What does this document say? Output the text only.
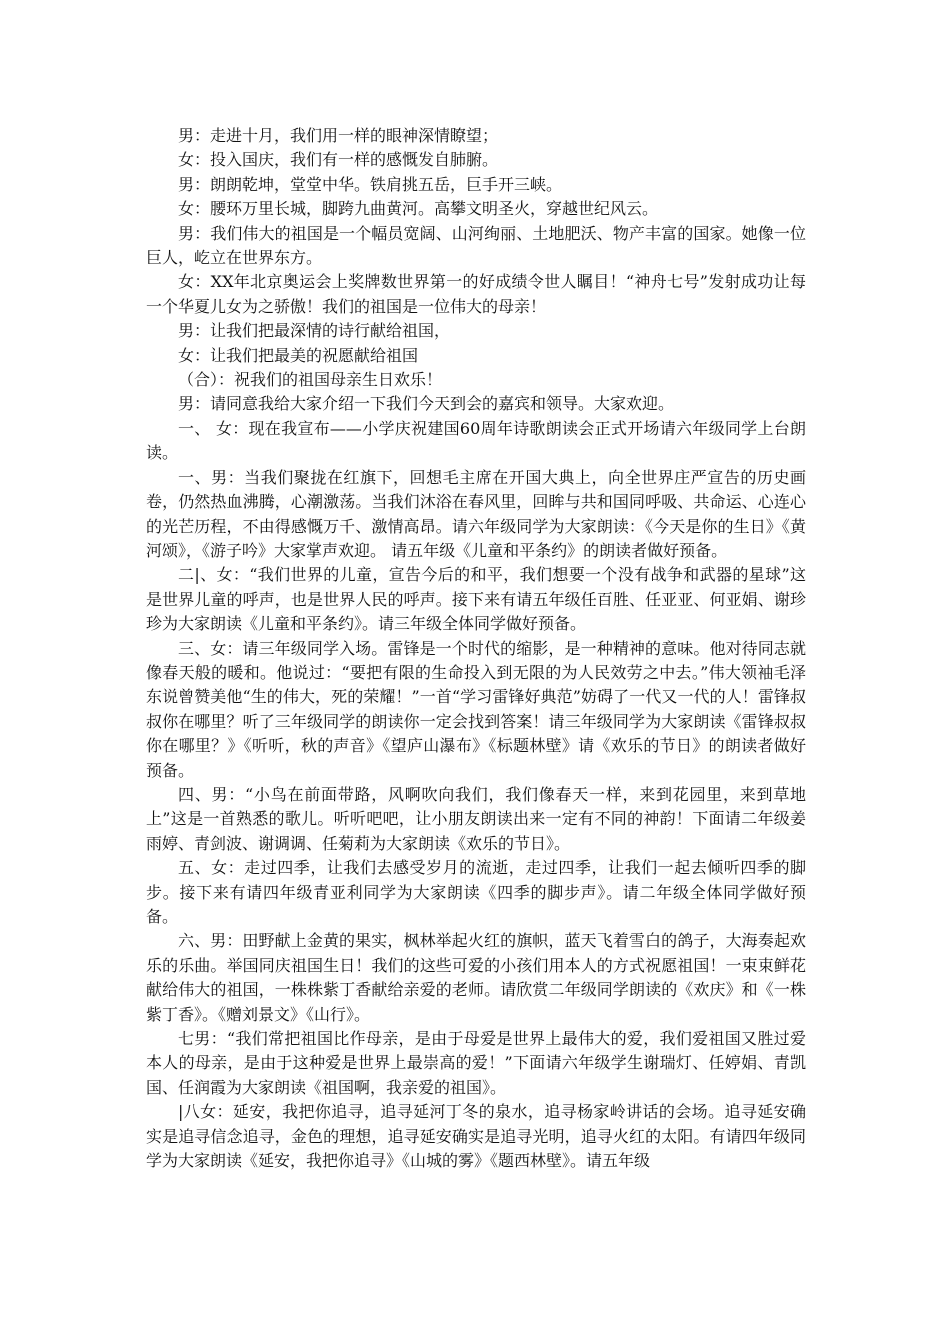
男：走进十月，我们用一样的眼神深情瞭望；

女：投入国庆，我们有一样的感慨发自肺腑。

男：朗朗乾坤，堂堂中华。铁肩挑五岳，巨手开三峡。

女：腰环万里长城，脚跨九曲黄河。高攀文明圣火，穿越世纪风云。

男：我们伟大的祖国是一个幅员宽阔、山河绚丽、土地肥沃、物产丰富的国家。她像一位巨人，屹立在世界东方。

女：XX年北京奥运会上奖牌数世界第一的好成绩令世人瞩目！“神舟七号”发射成功让每一个华夏儿女为之骄傲！我们的祖国是一位伟大的母亲！

男：让我们把最深情的诗行献给祖国，

女：让我们把最美的祝愿献给祖国

（合）：祝我们的祖国母亲生日欢乐！

男：请同意我给大家介绍一下我们今天到会的嘉宾和领导。大家欢迎。

一、 女：现在我宣布——小学庆祝建国60周年诗歌朗读会正式开场请六年级同学上台朗读。

一、男：当我们聚拢在红旗下，回想毛主席在开国大典上，向全世界庄严宣告的历史画卷，仍然热血沸腾，心潮激荡。当我们沐浴在春风里，回眸与共和国同呼吸、共命运、心连心的光芒历程，不由得感慨万千、激情高昂。请六年级同学为大家朗读：《今天是你的生日》《黄河颂》，《游子吟》大家掌声欢迎。 请五年级《儿童和平条约》的朗读者做好预备。

二|、女：“我们世界的儿童，宣告今后的和平，我们想要一个没有战争和武器的星球”这是世界儿童的呼声，也是世界人民的呼声。接下来有请五年级任百胜、任亚亚、何亚娟、谢珍珍为大家朗读《儿童和平条约》。请三年级全体同学做好预备。

三、女：请三年级同学入场。雷锋是一个时代的缩影，是一种精神的意味。他对待同志就像春天般的暖和。他说过：“要把有限的生命投入到无限的为人民效劳之中去。”伟大领袖毛泽东说曾赞美他“生的伟大，死的荣耀！”一首“学习雷锋好典范”妨碍了一代又一代的人！雷锋叔叔你在哪里？听了三年级同学的朗读你一定会找到答案！请三年级同学为大家朗读《雷锋叔叔你在哪里？》《听听，秋的声音》《望庐山瀑布》《标题林壁》请《欢乐的节日》的朗读者做好预备。

四、男：“小鸟在前面带路，风啊吹向我们，我们像春天一样，来到花园里，来到草地上”这是一首熟悉的歌儿。听听吧吧，让小朋友朗读出来一定有不同的神韵！下面请二年级姜雨婷、青剑波、谢调调、任菊莉为大家朗读《欢乐的节日》。

五、女：走过四季，让我们去感受岁月的流逝，走过四季，让我们一起去倾听四季的脚步。接下来有请四年级青亚利同学为大家朗读《四季的脚步声》。请二年级全体同学做好预备。

六、男：田野献上金黄的果实，枫林举起火红的旗帜，蓝天飞着雪白的鸽子，大海奏起欢乐的乐曲。举国同庆祖国生日！我们的这些可爱的小孩们用本人的方式祝愿祖国！一束束鲜花献给伟大的祖国，一株株紫丁香献给亲爱的老师。请欣赏二年级同学朗读的《欢庆》和《一株紫丁香》。《赠刘景文》《山行》。

七男：“我们常把祖国比作母亲，是由于母爱是世界上最伟大的爱，我们爱祖国又胜过爱本人的母亲，是由于这种爱是世界上最崇高的爱！”下面请六年级学生谢瑞灯、任婷娟、青凯国、任润霞为大家朗读《祖国啊，我亲爱的祖国》。

|八女：延安，我把你追寻，追寻延河丁冬的泉水，追寻杨家岭讲话的会场。追寻延安确实是追寻信念追寻，金色的理想，追寻延安确实是追寻光明，追寻火红的太阳。有请四年级同学为大家朗读《延安，我把你追寻》《山城的雾》《题西林壁》。请五年级
